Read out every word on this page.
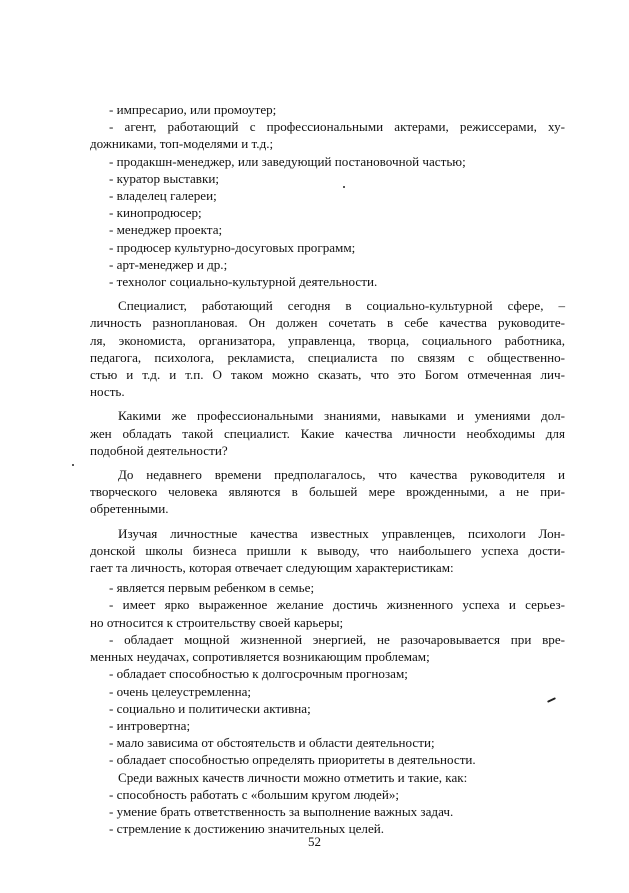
- импресарио, или промоутер;
- агент, работающий с профессиональными актерами, режиссерами, ху-
дожниками, топ-моделями и т.д.;
- продакшн-менеджер, или заведующий постановочной частью;
- куратор выставки;
- владелец галереи;
- кинопродюсер;
- менеджер проекта;
- продюсер культурно-досуговых программ;
- арт-менеджер и др.;
- технолог социально-культурной деятельности.
Специалист, работающий сегодня в социально-культурной сфере, –
личность разноплановая. Он должен сочетать в себе качества руководите-
ля, экономиста, организатора, управленца, творца, социального работника,
педагога, психолога, рекламиста, специалиста по связям с общественно-
стью и т.д. и т.п. О таком можно сказать, что это Богом отмеченная лич-
ность.
Какими же профессиональными знаниями, навыками и умениями дол-
жен обладать такой специалист. Какие качества личности необходимы для
подобной деятельности?
До недавнего времени предполагалось, что качества руководителя и
творческого человека являются в большей мере врожденными, а не при-
обретенными.
Изучая личностные качества известных управленцев, психологи Лон-
донской школы бизнеса пришли к выводу, что наибольшего успеха дости-
гает та личность, которая отвечает следующим характеристикам:
- является первым ребенком в семье;
- имеет ярко выраженное желание достичь жизненного успеха и серьез-
но относится к строительству своей карьеры;
- обладает мощной жизненной энергией, не разочаровывается при вре-
менных неудачах, сопротивляется возникающим проблемам;
- обладает способностью к долгосрочным прогнозам;
- очень целеустремленна;
- социально и политически активна;
- интровертна;
- мало зависима от обстоятельств и области деятельности;
- обладает способностью определять приоритеты в деятельности.
Среди важных качеств личности можно отметить и такие, как:
- способность работать с «большим кругом людей»;
- умение брать ответственность за выполнение важных задач.
- стремление к достижению значительных целей.
52
